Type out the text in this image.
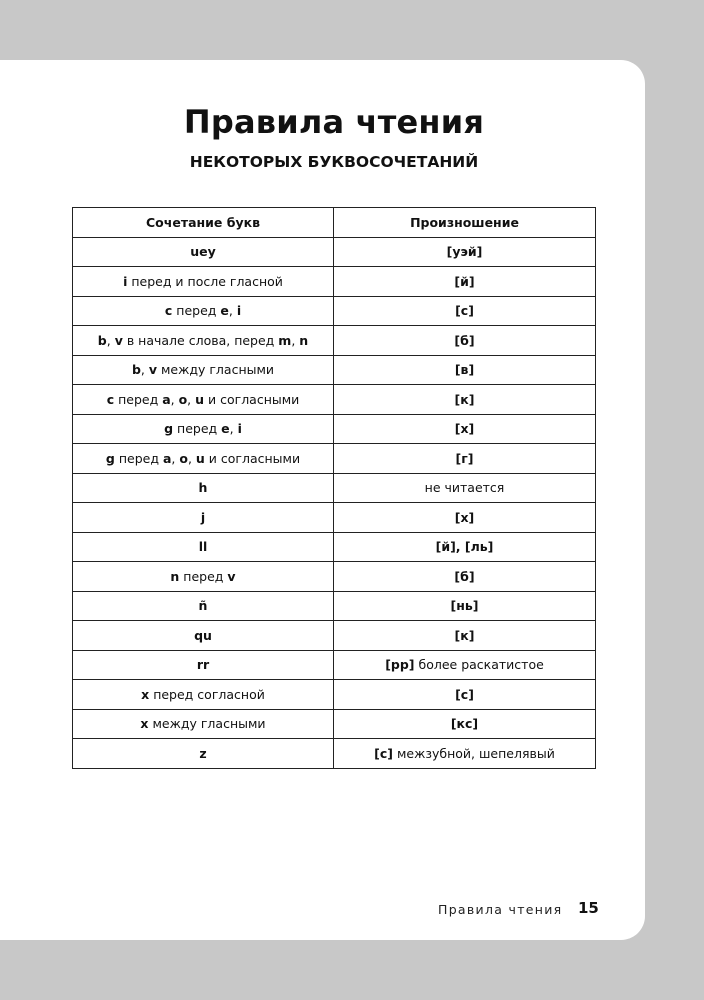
Правила чтения
НЕКОТОРЫХ БУКВОСОЧЕТАНИЙ
Сочетание букв	Произношение
uey	[уэй]
i перед и после гласной	[й]
c перед e, i	[с]
b, v в начале слова, перед m, n	[б]
b, v между гласными	[в]
c перед a, o, u и согласными	[к]
g перед e, i	[х]
g перед a, o, u и согласными	[г]
h	не читается
j	[х]
ll	[й], [ль]
n перед v	[б]
ñ	[нь]
qu	[к]
rr	[рр] более раскатистое
x перед согласной	[с]
x между гласными	[кс]
z	[с] межзубной, шепелявый
Правила чтения 15
